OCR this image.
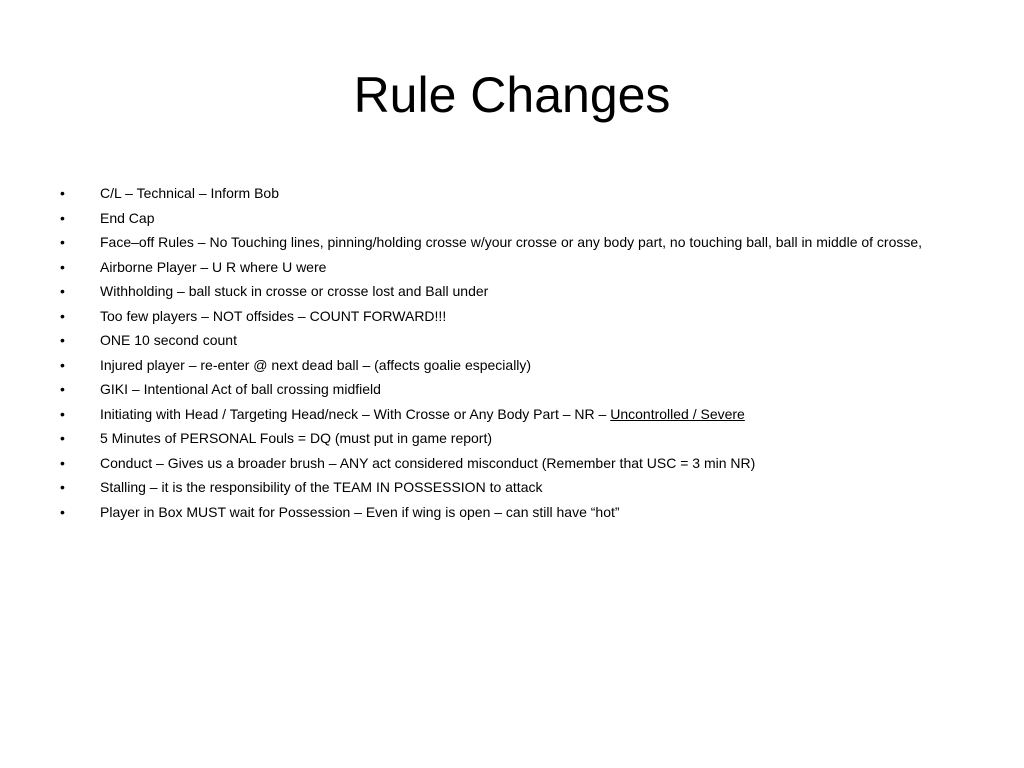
Rule Changes
•	C/L – Technical – Inform Bob
•	End Cap
•	Face–off Rules – No Touching lines, pinning/holding crosse w/your crosse or any body part, no touching ball, ball in middle of crosse,
•	Airborne Player – U R where U were
•	Withholding – ball stuck in crosse or crosse lost and Ball under
•	Too few players – NOT offsides – COUNT FORWARD!!!
•	ONE 10 second count
•	Injured player – re-enter @ next dead ball – (affects goalie especially)
•	GIKI – Intentional Act of ball crossing midfield
•	Initiating with Head / Targeting Head/neck – With Crosse or Any Body Part – NR – Uncontrolled / Severe
•	5 Minutes of PERSONAL Fouls = DQ (must put in game report)
•	Conduct – Gives us a broader brush – ANY act considered misconduct (Remember that USC = 3 min NR)
•	Stalling – it is the responsibility of the TEAM IN POSSESSION to attack
•	Player in Box MUST wait for Possession – Even if wing is open – can still have “hot”
